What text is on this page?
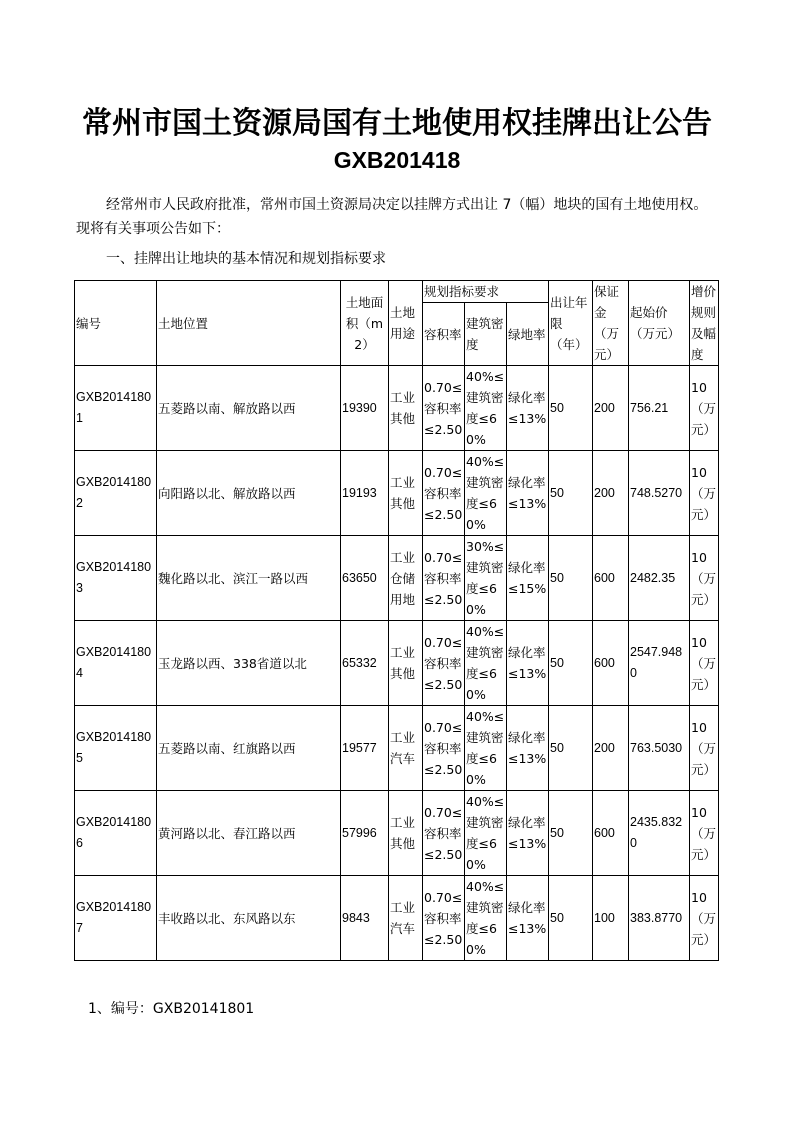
常州市国土资源局国有土地使用权挂牌出让公告
GXB201418
经常州市人民政府批准，常州市国土资源局决定以挂牌方式出让 7（幅）地块的国有土地使用权。现将有关事项公告如下：
一、挂牌出让地块的基本情况和规划指标要求
编号	土地位置	土地面积（m2）	土地用途	规划指标要求			出让年限（年）	保证金（万元）	起始价（万元）	增价规则及幅度
				容积率	建筑密度	绿地率				
GXB20141801	五菱路以南、解放路以西	19390	工业其他	0.70≤容积率≤2.50	40%≤建筑密度≤60%	绿化率≤13%	50	200	756.21	10（万元）
GXB20141802	向阳路以北、解放路以西	19193	工业其他	0.70≤容积率≤2.50	40%≤建筑密度≤60%	绿化率≤13%	50	200	748.5270	10（万元）
GXB20141803	魏化路以北、滨江一路以西	63650	工业仓储用地	0.70≤容积率≤2.50	30%≤建筑密度≤60%	绿化率≤15%	50	600	2482.35	10（万元）
GXB20141804	玉龙路以西、338省道以北	65332	工业其他	0.70≤容积率≤2.50	40%≤建筑密度≤60%	绿化率≤13%	50	600	2547.9480	10（万元）
GXB20141805	五菱路以南、红旗路以西	19577	工业汽车	0.70≤容积率≤2.50	40%≤建筑密度≤60%	绿化率≤13%	50	200	763.5030	10（万元）
GXB20141806	黄河路以北、春江路以西	57996	工业其他	0.70≤容积率≤2.50	40%≤建筑密度≤60%	绿化率≤13%	50	600	2435.8320	10（万元）
GXB20141807	丰收路以北、东风路以东	9843	工业汽车	0.70≤容积率≤2.50	40%≤建筑密度≤60%	绿化率≤13%	50	100	383.8770	10（万元）
1、编号：GXB20141801
